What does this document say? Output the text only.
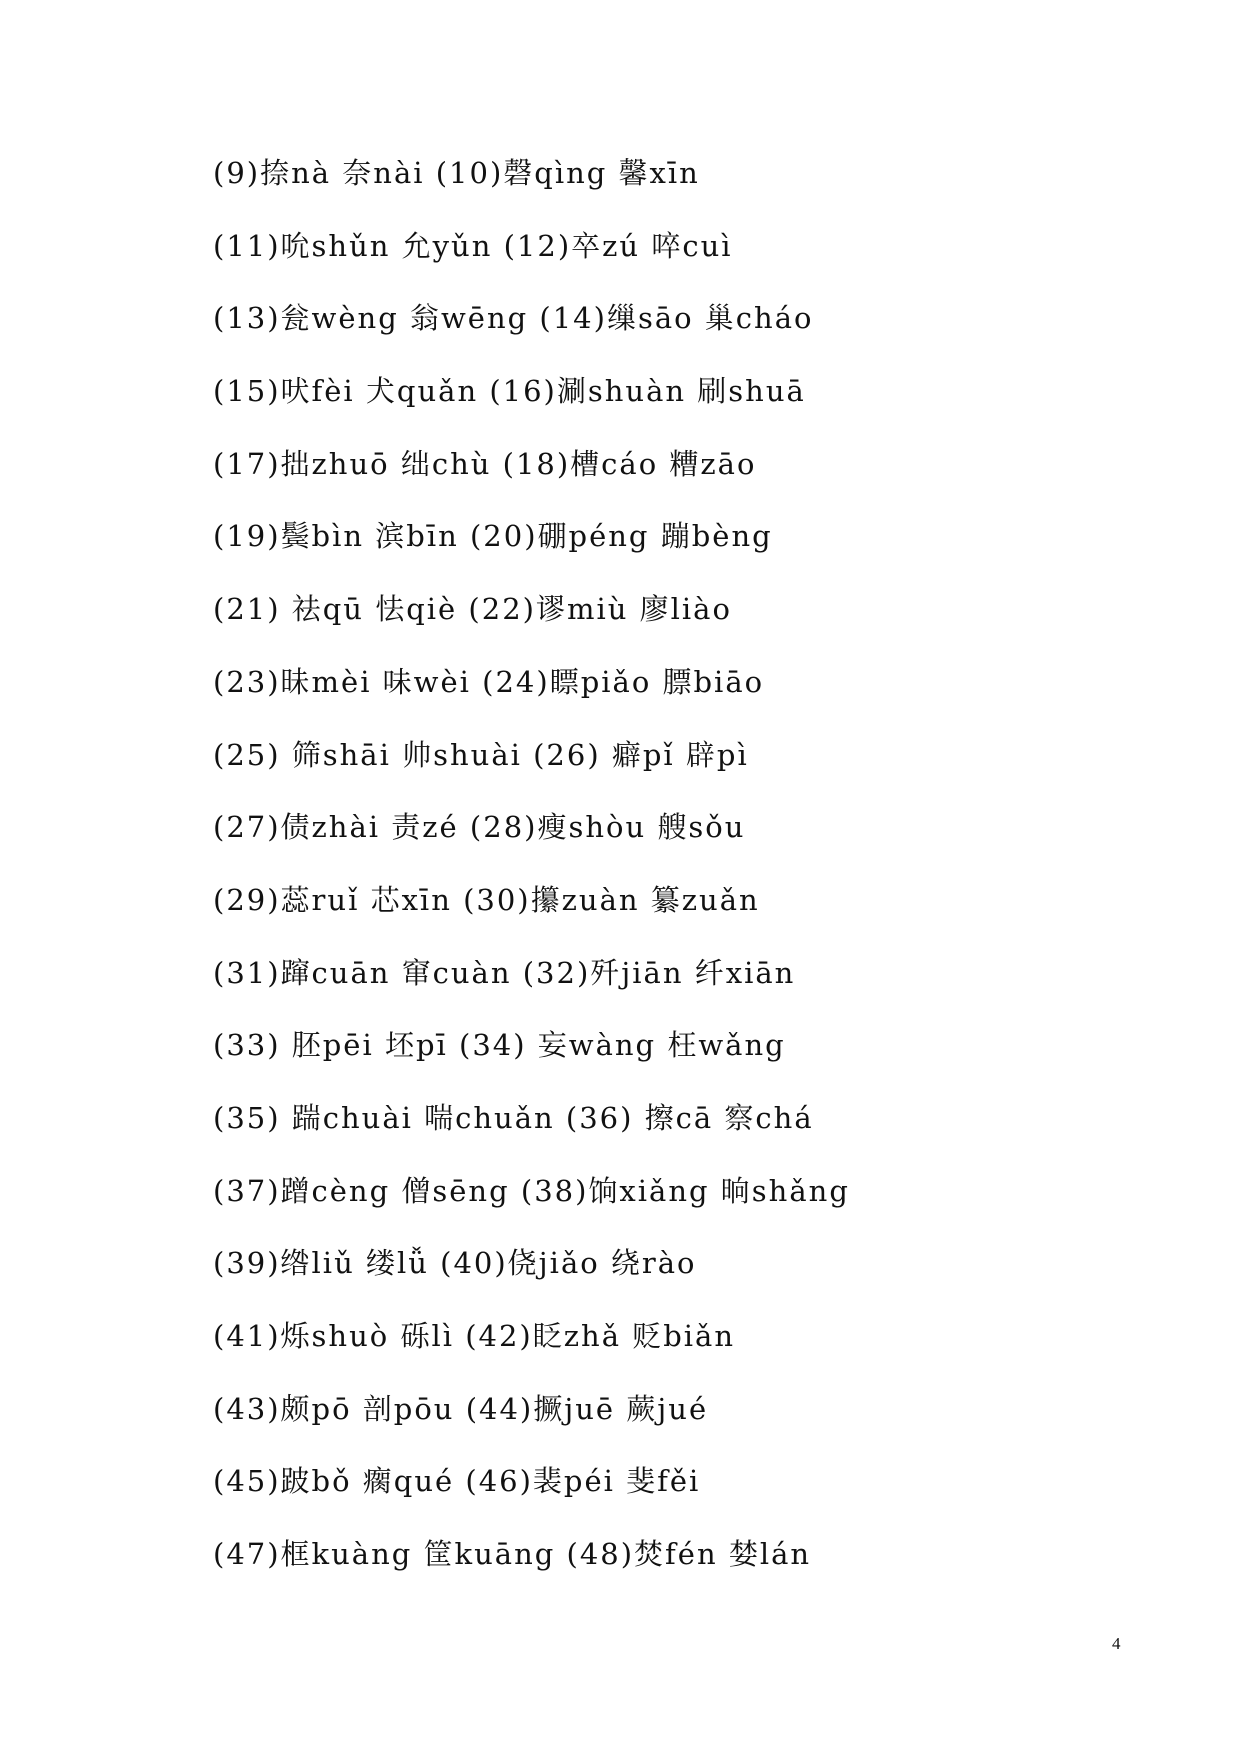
(9)捺nà 奈nài (10)磬qìng 馨xīn
(11)吮shǔn 允yǔn (12)卒zú 啐cuì
(13)瓮wèng 翁wēng (14)缫sāo 巢cháo
(15)吠fèi 犬quǎn (16)涮shuàn 刷shuā
(17)拙zhuō 绌chù (18)槽cáo 糟zāo
(19)鬓bìn 滨bīn (20)硼péng 蹦bèng
(21) 祛qū 怯qiè (22)谬miù 廖liào
(23)昧mèi 味wèi (24)瞟piǎo 膘biāo
(25) 筛shāi 帅shuài (26) 癖pǐ 辟pì
(27)债zhài 责zé (28)瘦shòu 艘sǒu
(29)蕊ruǐ 芯xīn (30)攥zuàn 纂zuǎn
(31)蹿cuān 窜cuàn (32)歼jiān 纤xiān
(33) 胚pēi 坯pī (34) 妄wàng 枉wǎng
(35) 踹chuài 喘chuǎn (36) 擦cā 察chá
(37)蹭cèng 僧sēng (38)饷xiǎng 晌shǎng
(39)绺liǔ 缕lǚ (40)侥jiǎo 绕rào
(41)烁shuò 砾lì (42)眨zhǎ 贬biǎn
(43)颇pō 剖pōu (44)撅juē 蕨jué
(45)跛bǒ 瘸qué (46)裴péi 斐fěi
(47)框kuàng 筐kuāng (48)焚fén 婪lán
4
